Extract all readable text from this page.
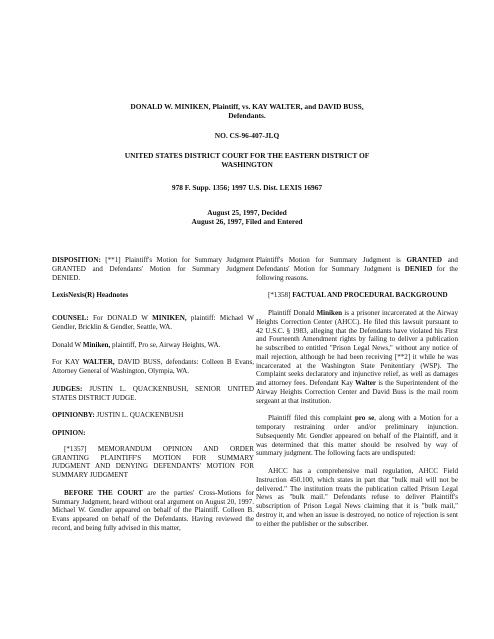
DONALD W. MINIKEN, Plaintiff, vs. KAY WALTER, and DAVID BUSS,
Defendants.
NO. CS-96-407-JLQ
UNITED STATES DISTRICT COURT FOR THE EASTERN DISTRICT OF
WASHINGTON
978 F. Supp. 1356; 1997 U.S. Dist. LEXIS 16967
August 25, 1997, Decided
August 26, 1997, Filed and Entered

DISPOSITION: [**1] Plaintiff's Motion for Summary Judgment GRANTED and Defendants' Motion for Summary Judgment DENIED.

LexisNexis(R) Headnotes

COUNSEL: For DONALD W MINIKEN, plaintiff: Michael W Gendler, Bricklin & Gendler, Seattle, WA.

Donald W Miniken, plaintiff, Pro se, Airway Heights, WA.

For KAY WALTER, DAVID BUSS, defendants: Colleen B Evans, Attorney General of Washington, Olympia, WA.

JUDGES: JUSTIN L. QUACKENBUSH, SENIOR UNITED STATES DISTRICT JUDGE.

OPINIONBY: JUSTIN L. QUACKENBUSH

OPINION:

[*1357] MEMORANDUM OPINION AND ORDER GRANTING PLAINTIFF'S MOTION FOR SUMMARY JUDGMENT AND DENYING DEFENDANTS' MOTION FOR SUMMARY JUDGMENT

BEFORE THE COURT are the parties' Cross-Motions for Summary Judgment, heard without oral argument on August 20, 1997. Michael W. Gendler appeared on behalf of the Plaintiff. Colleen B. Evans appeared on behalf of the Defendants. Having reviewed the record, and being fully advised in this matter,

Plaintiff's Motion for Summary Judgment is GRANTED and Defendants' Motion for Summary Judgment is DENIED for the following reasons.

[*1358] FACTUAL AND PROCEDURAL BACKGROUND

Plaintiff Donald Miniken is a prisoner incarcerated at the Airway Heights Correction Center (AHCC). He filed this lawsuit pursuant to 42 U.S.C. § 1983, alleging that the Defendants have violated his First and Fourteenth Amendment rights by failing to deliver a publication he subscribed to entitled "Prison Legal News," without any notice of mail rejection, although he had been receiving [**2] it while he was incarcerated at the Washington State Penitentiary (WSP). The Complaint seeks declaratory and injunctive relief, as well as damages and attorney fees. Defendant Kay Walter is the Superintendent of the Airway Heights Correction Center and David Buss is the mail room sergeant at that institution.

Plaintiff filed this complaint pro se, along with a Motion for a temporary restraining order and/or preliminary injunction. Subsequently Mr. Gendler appeared on behalf of the Plaintiff, and it was determined that this matter should be resolved by way of summary judgment. The following facts are undisputed:

AHCC has a comprehensive mail regulation, AHCC Field Instruction 450.100, which states in part that "bulk mail will not be delivered." The institution treats the publication called Prison Legal News as "bulk mail." Defendants refuse to deliver Plaintiff's subscription of Prison Legal News claiming that it is "bulk mail," destroy it, and when an issue is destroyed, no notice of rejection is sent to either the publisher or the subscriber.
